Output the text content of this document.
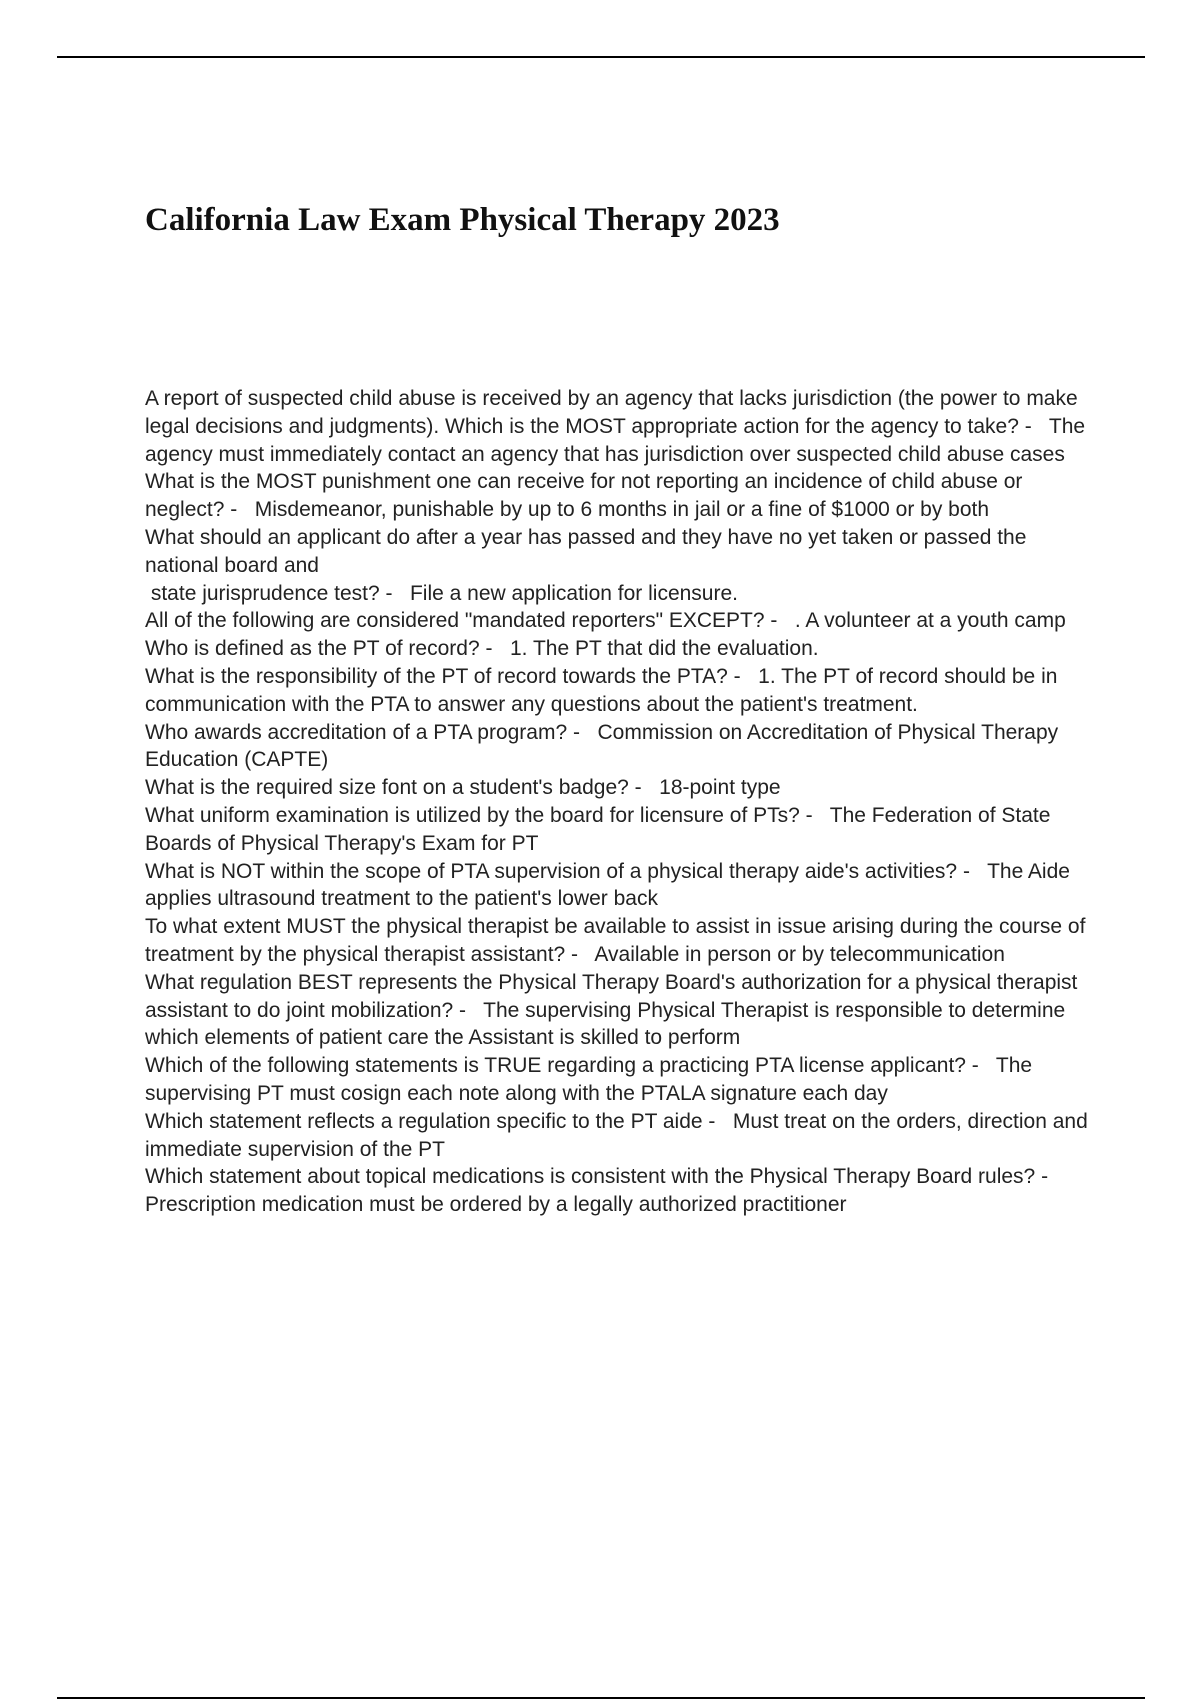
California Law Exam Physical Therapy 2023

A report of suspected child abuse is received by an agency that lacks jurisdiction (the power to make legal decisions and judgments). Which is the MOST appropriate action for the agency to take? -   The agency must immediately contact an agency that has jurisdiction over suspected child abuse cases

What is the MOST punishment one can receive for not reporting an incidence of child abuse or neglect? -   Misdemeanor, punishable by up to 6 months in jail or a fine of $1000 or by both

What should an applicant do after a year has passed and they have no yet taken or passed the national board and
state jurisprudence test? -   File a new application for licensure.

All of the following are considered "mandated reporters" EXCEPT? -   . A volunteer at a youth camp

Who is defined as the PT of record? -   1. The PT that did the evaluation.

What is the responsibility of the PT of record towards the PTA? -   1. The PT of record should be in communication with the PTA to answer any questions about the patient's treatment.

Who awards accreditation of a PTA program? -   Commission on Accreditation of Physical Therapy Education (CAPTE)

What is the required size font on a student's badge? -   18-point type

What uniform examination is utilized by the board for licensure of PTs? -   The Federation of State Boards of Physical Therapy's Exam for PT

What is NOT within the scope of PTA supervision of a physical therapy aide's activities? -   The Aide applies ultrasound treatment to the patient's lower back

To what extent MUST the physical therapist be available to assist in issue arising during the course of treatment by the physical therapist assistant? -   Available in person or by telecommunication

What regulation BEST represents the Physical Therapy Board's authorization for a physical therapist assistant to do joint mobilization? -   The supervising Physical Therapist is responsible to determine which elements of patient care the Assistant is skilled to perform

Which of the following statements is TRUE regarding a practicing PTA license applicant? -   The supervising PT must cosign each note along with the PTALA signature each day

Which statement reflects a regulation specific to the PT aide -   Must treat on the orders, direction and immediate supervision of the PT

Which statement about topical medications is consistent with the Physical Therapy Board rules? -   Prescription medication must be ordered by a legally authorized practitioner
